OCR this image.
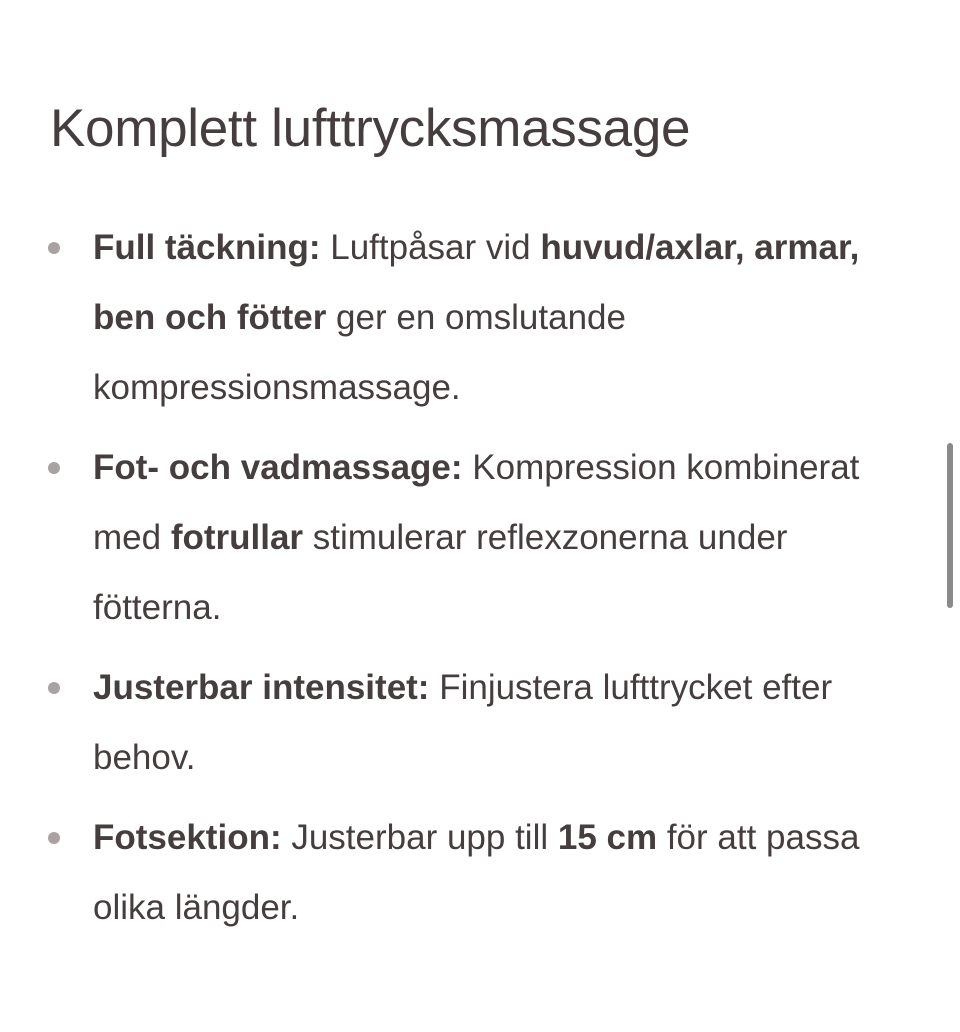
Komplett lufttrycksmassage
Full täckning: Luftpåsar vid huvud/axlar, armar,
ben och fötter ger en omslutande
kompressionsmassage.
Fot- och vadmassage: Kompression kombinerat
med fotrullar stimulerar reflexzonerna under
fötterna.
Justerbar intensitet: Finjustera lufttrycket efter
behov.
Fotsektion: Justerbar upp till 15 cm för att passa
olika längder.
